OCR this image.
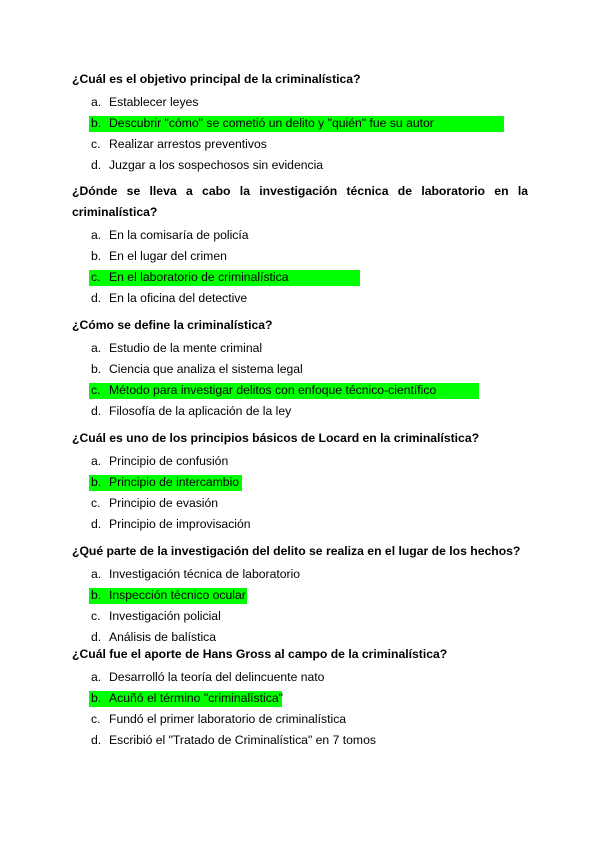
¿Cuál es el objetivo principal de la criminalística?
a. Establecer leyes
b. Descubrir "cómo" se cometió un delito y "quién" fue su autor
c. Realizar arrestos preventivos
d. Juzgar a los sospechosos sin evidencia
¿Dónde se lleva a cabo la investigación técnica de laboratorio en la criminalística?
a. En la comisaría de policía
b. En el lugar del crimen
c. En el laboratorio de criminalística
d. En la oficina del detective
¿Cómo se define la criminalística?
a. Estudio de la mente criminal
b. Ciencia que analiza el sistema legal
c. Método para investigar delitos con enfoque técnico-científico
d. Filosofía de la aplicación de la ley
¿Cuál es uno de los principios básicos de Locard en la criminalística?
a. Principio de confusión
b. Principio de intercambio
c. Principio de evasión
d. Principio de improvisación
¿Qué parte de la investigación del delito se realiza en el lugar de los hechos?
a. Investigación técnica de laboratorio
b. Inspección técnico ocular
c. Investigación policial
d. Análisis de balística
¿Cuál fue el aporte de Hans Gross al campo de la criminalística?
a. Desarrolló la teoría del delincuente nato
b. Acuñó el término "criminalística"
c. Fundó el primer laboratorio de criminalística
d. Escribió el "Tratado de Criminalística" en 7 tomos
